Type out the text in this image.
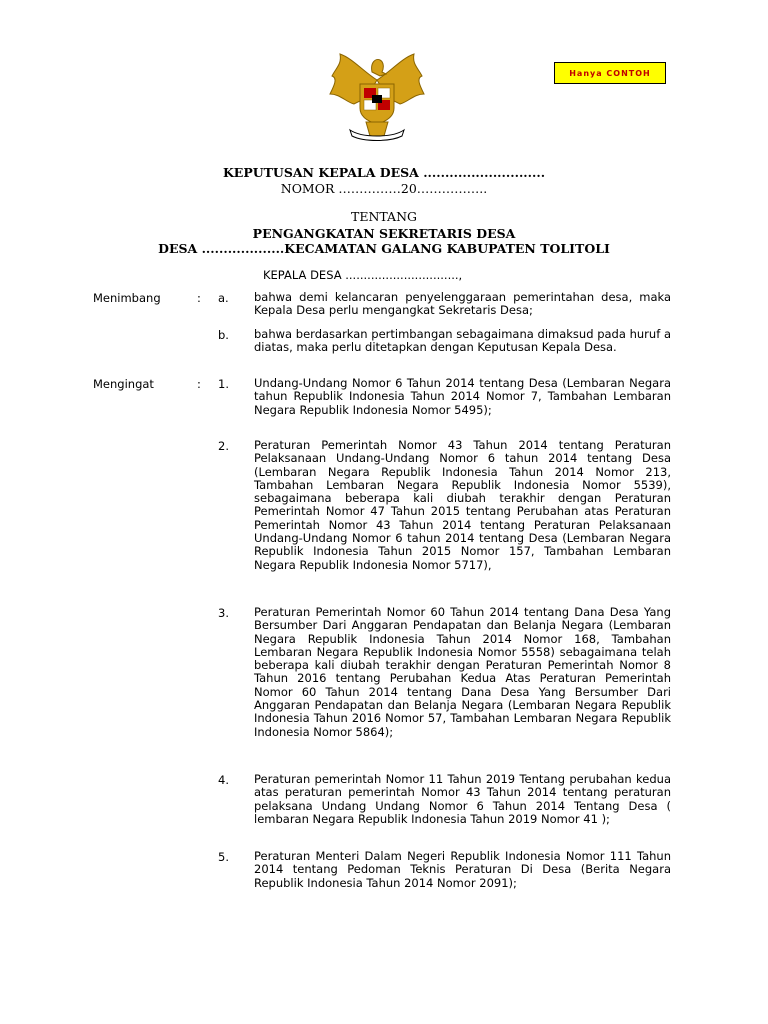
Hanya CONTOH
KEPUTUSAN KEPALA DESA ............................
NOMOR ……………20……………..
TENTANG
PENGANGKATAN SEKRETARIS DESA
DESA ...................KECAMATAN GALANG KABUPATEN TOLITOLI
KEPALA DESA ...............................,
Menimbang	: a. bahwa demi kelancaran penyelenggaraan pemerintahan desa, maka Kepala Desa perlu mengangkat Sekretaris Desa;
b. bahwa berdasarkan pertimbangan sebagaimana dimaksud pada huruf a diatas, maka perlu ditetapkan dengan Keputusan Kepala Desa.
Mengingat	: 1. Undang-Undang Nomor 6 Tahun 2014 tentang Desa (Lembaran Negara tahun Republik Indonesia Tahun 2014 Nomor 7, Tambahan Lembaran Negara Republik Indonesia Nomor 5495);
2. Peraturan Pemerintah Nomor 43 Tahun 2014 tentang Peraturan Pelaksanaan Undang-Undang Nomor 6 tahun 2014 tentang Desa (Lembaran Negara Republik Indonesia Tahun 2014 Nomor 213, Tambahan Lembaran Negara Republik Indonesia Nomor 5539), sebagaimana beberapa kali diubah terakhir dengan Peraturan Pemerintah Nomor 47 Tahun 2015 tentang Perubahan atas Peraturan Pemerintah Nomor 43 Tahun 2014 tentang Peraturan Pelaksanaan Undang-Undang Nomor 6 tahun 2014 tentang Desa (Lembaran Negara Republik Indonesia Tahun 2015 Nomor 157, Tambahan Lembaran Negara Republik Indonesia Nomor 5717),
3. Peraturan Pemerintah Nomor 60 Tahun 2014 tentang Dana Desa Yang Bersumber Dari Anggaran Pendapatan dan Belanja Negara (Lembaran Negara Republik Indonesia Tahun 2014 Nomor 168, Tambahan Lembaran Negara Republik Indonesia Nomor 5558) sebagaimana telah beberapa kali diubah terakhir dengan Peraturan Pemerintah Nomor 8 Tahun 2016 tentang Perubahan Kedua Atas Peraturan Pemerintah Nomor 60 Tahun 2014 tentang Dana Desa Yang Bersumber Dari Anggaran Pendapatan dan Belanja Negara (Lembaran Negara Republik Indonesia Tahun 2016 Nomor 57, Tambahan Lembaran Negara Republik Indonesia Nomor 5864);
4. Peraturan pemerintah Nomor 11 Tahun 2019 Tentang perubahan kedua atas peraturan pemerintah Nomor 43 Tahun 2014 tentang peraturan pelaksana Undang Undang Nomor 6 Tahun 2014 Tentang Desa ( lembaran Negara Republik Indonesia Tahun 2019 Nomor 41 );
5. Peraturan Menteri Dalam Negeri Republik Indonesia Nomor 111 Tahun 2014 tentang Pedoman Teknis Peraturan Di Desa (Berita Negara Republik Indonesia Tahun 2014 Nomor 2091);
